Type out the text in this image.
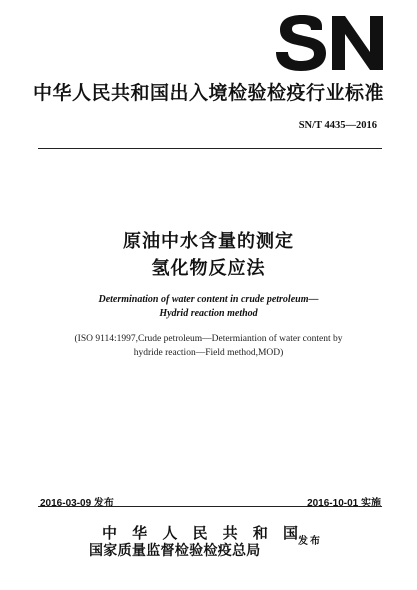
中华人民共和国出入境检验检疫行业标准
SN/T 4435—2016
原油中水含量的测定
氢化物反应法
Determination of water content in crude petroleum—
Hydrid reaction method
(ISO 9114:1997,Crude petroleum—Determiantion of water content by
hydride reaction—Field method,MOD)
2016-03-09 发布	2016-10-01 实施
中华人民共和国
国家质量监督检验检疫总局
发布
